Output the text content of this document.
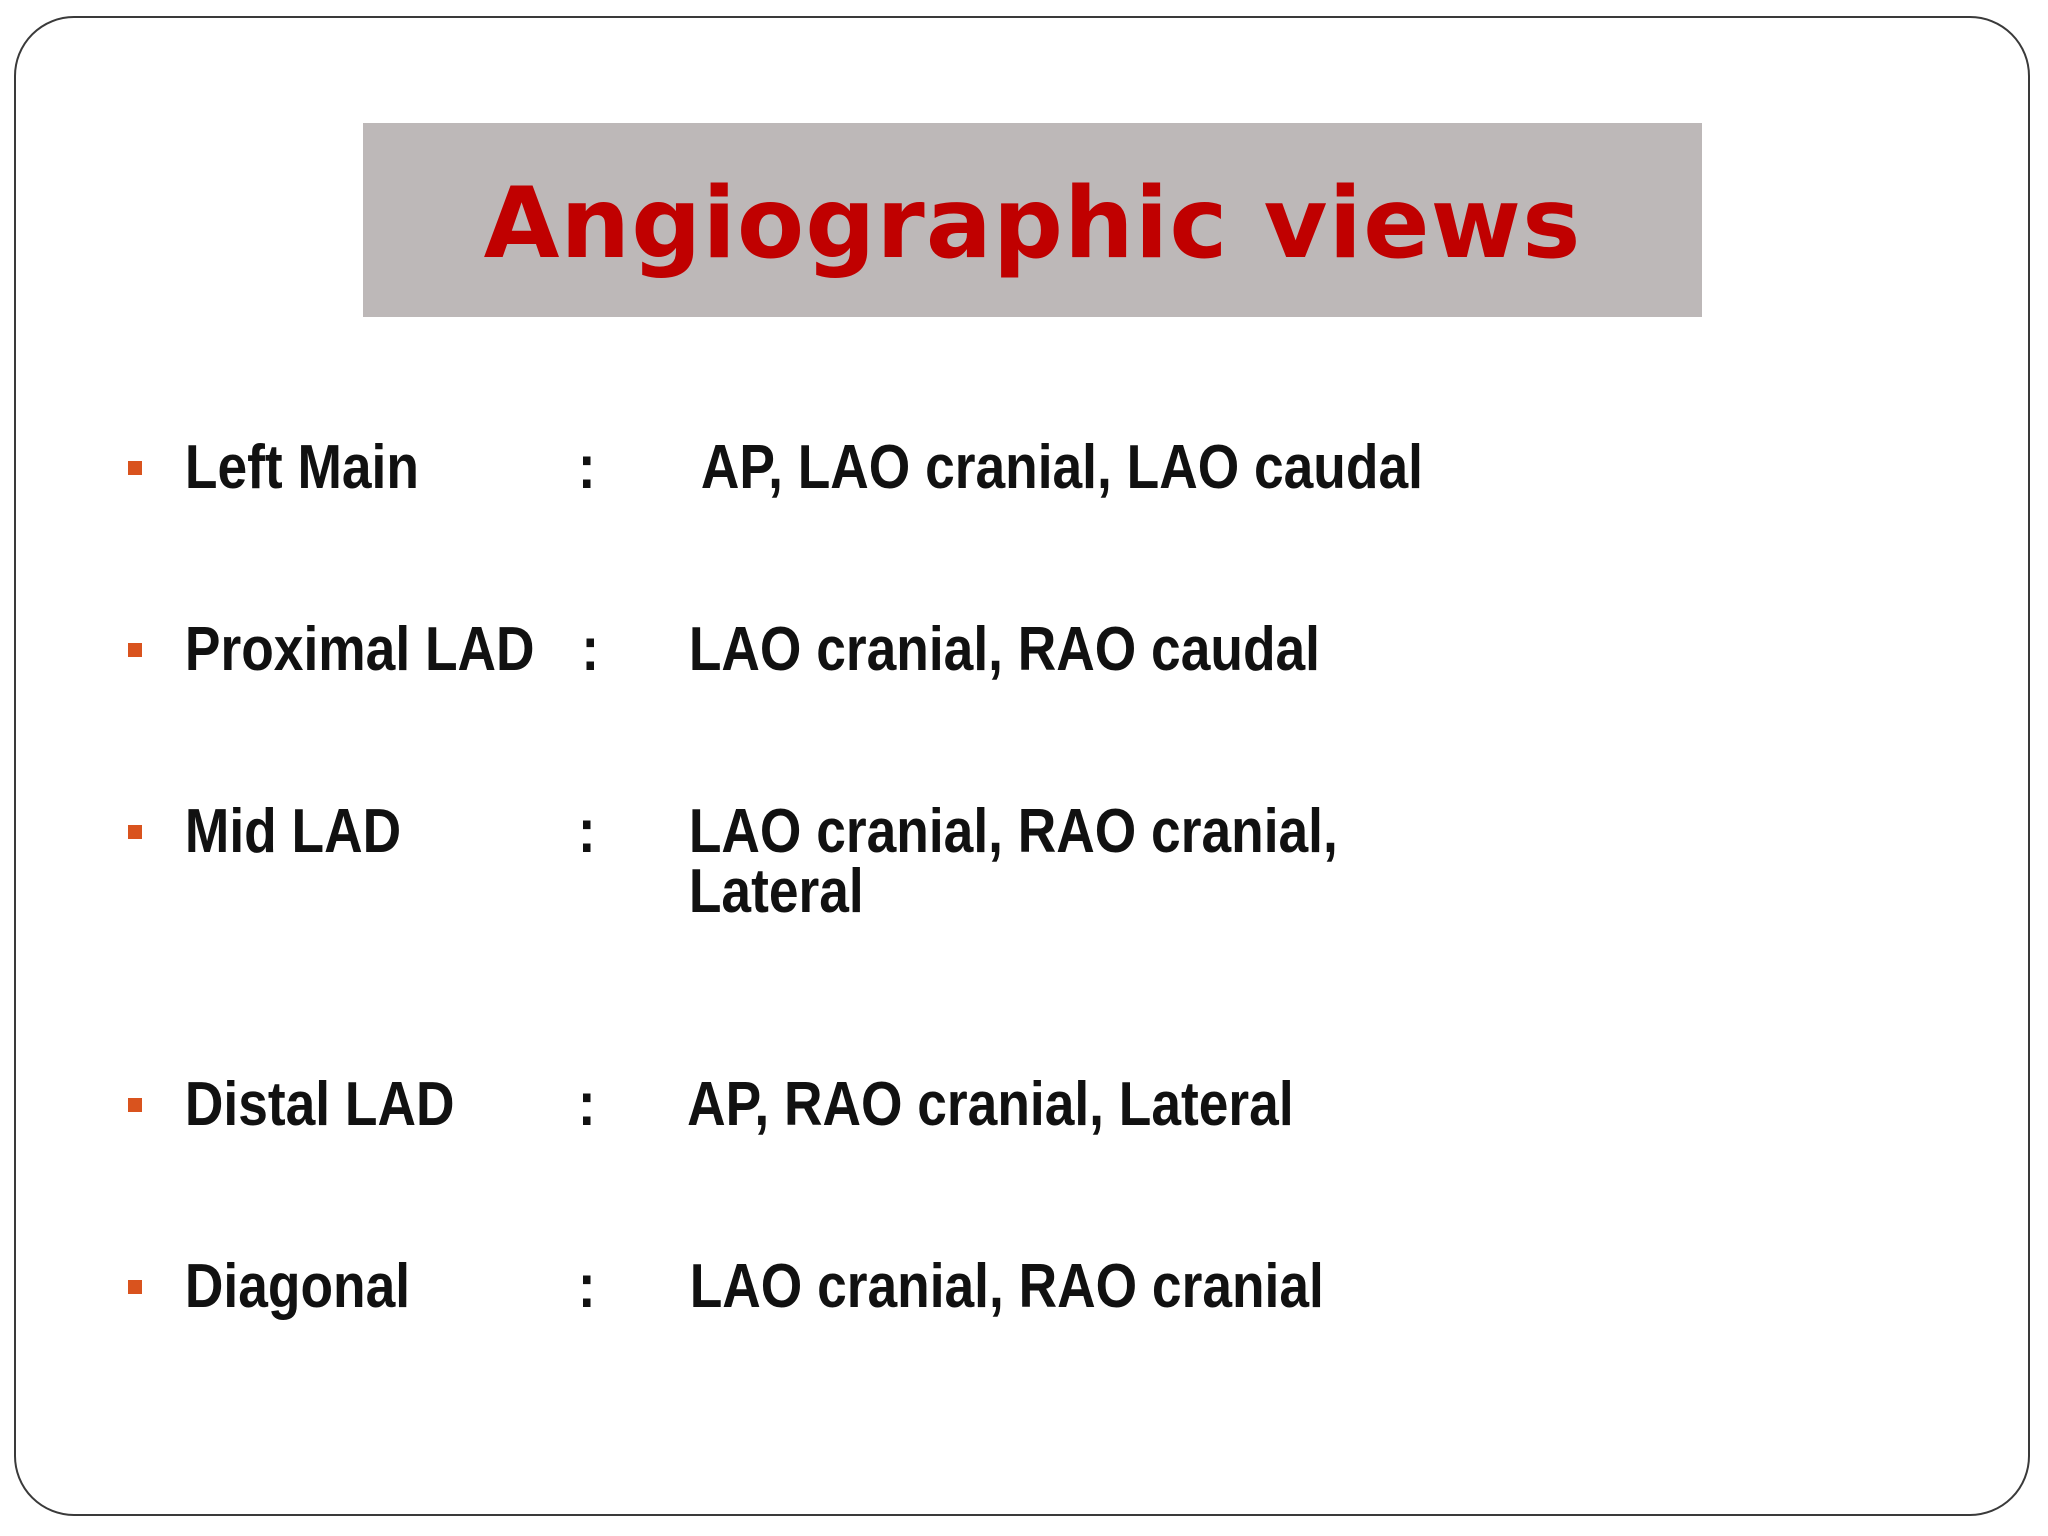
Angiographic views
Left Main	: AP, LAO cranial, LAO caudal
Proximal LAD : LAO cranial, RAO caudal
Mid LAD	: LAO cranial, RAO cranial,
Lateral
Distal LAD : AP, RAO cranial, Lateral
Diagonal	: LAO cranial, RAO cranial
